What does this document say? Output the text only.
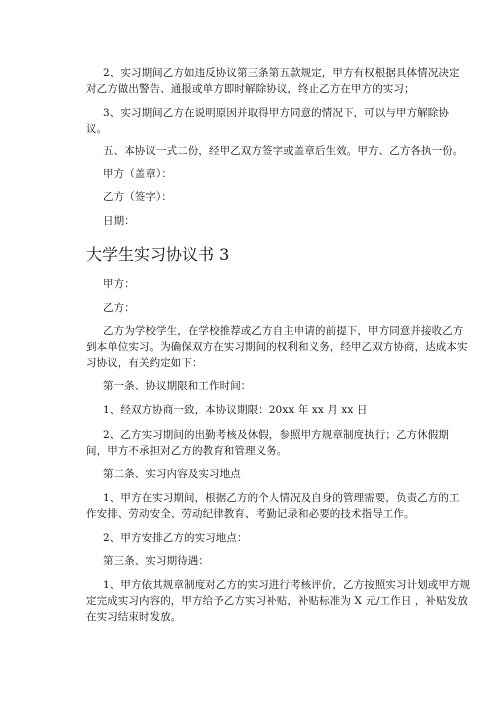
2、实习期间乙方如违反协议第三条第五款规定，甲方有权根据具体情况决定
对乙方做出警告、通报或单方即时解除协议，终止乙方在甲方的实习；
3、实习期间乙方在说明原因并取得甲方同意的情况下，可以与甲方解除协
议。
五、本协议一式二份，经甲乙双方签字或盖章后生效。甲方、乙方各执一份。
甲方（盖章）：
乙方（签字）：
日期：
大学生实习协议书 3
甲方：
乙方：
乙方为学校学生，在学校推荐或乙方自主申请的前提下，甲方同意并接收乙方
到本单位实习。为确保双方在实习期间的权利和义务，经甲乙双方协商，达成本实
习协议，有关约定如下：
第一条、协议期限和工作时间：
1、经双方协商一致，本协议期限：20xx 年 xx 月 xx 日
2、乙方实习期间的出勤考核及休假，参照甲方规章制度执行；乙方休假期
间，甲方不承担对乙方的教育和管理义务。
第二条、实习内容及实习地点
1、甲方在实习期间，根据乙方的个人情况及自身的管理需要，负责乙方的工
作安排、劳动安全、劳动纪律教育、考勤记录和必要的技术指导工作。
2、甲方安排乙方的实习地点：
第三条、实习期待遇：
1、甲方依其规章制度对乙方的实习进行考核评价，乙方按照实习计划或甲方规
定完成实习内容的，甲方给予乙方实习补贴，补贴标准为 X 元/工作日 ，补贴发放
在实习结束时发放。
